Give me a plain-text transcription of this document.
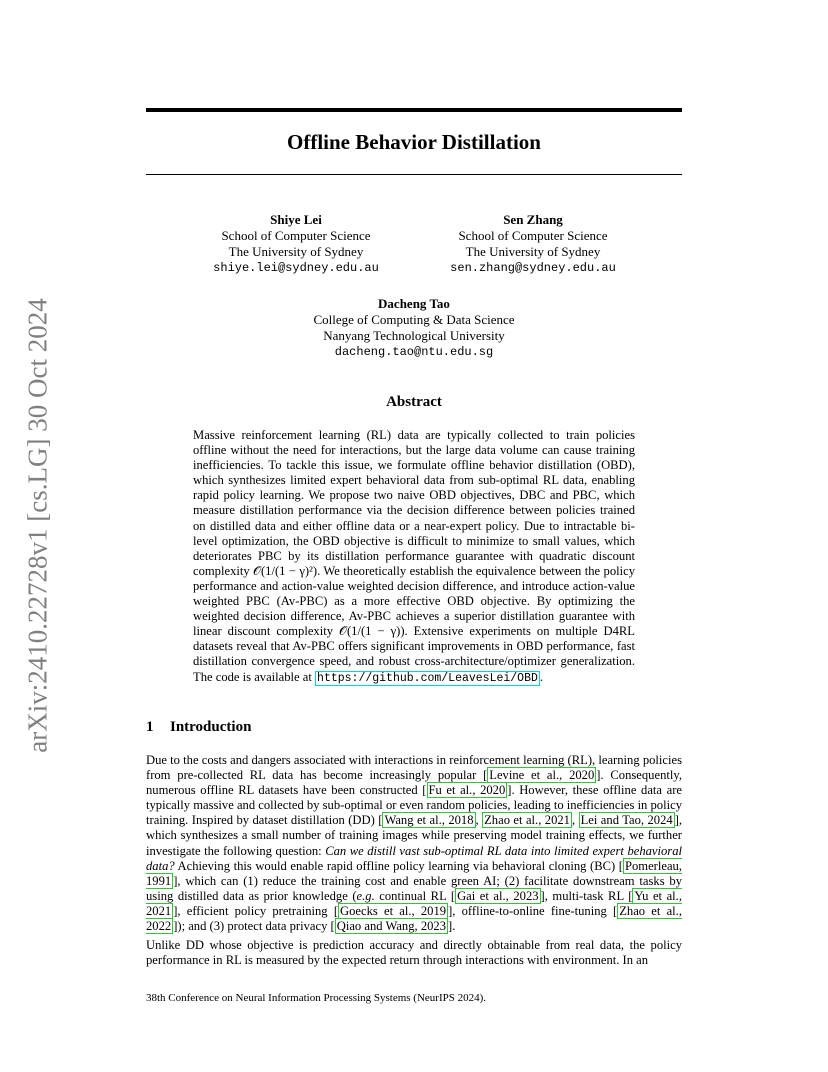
arXiv:2410.22728v1 [cs.LG] 30 Oct 2024
Offline Behavior Distillation
Shiye Lei
School of Computer Science
The University of Sydney
shiye.lei@sydney.edu.au
Sen Zhang
School of Computer Science
The University of Sydney
sen.zhang@sydney.edu.au
Dacheng Tao
College of Computing & Data Science
Nanyang Technological University
dacheng.tao@ntu.edu.sg
Abstract
Massive reinforcement learning (RL) data are typically collected to train policies offline without the need for interactions, but the large data volume can cause training inefficiencies. To tackle this issue, we formulate offline behavior distillation (OBD), which synthesizes limited expert behavioral data from sub-optimal RL data, enabling rapid policy learning. We propose two naive OBD objectives, DBC and PBC, which measure distillation performance via the decision difference between policies trained on distilled data and either offline data or a near-expert policy. Due to intractable bi-level optimization, the OBD objective is difficult to minimize to small values, which deteriorates PBC by its distillation performance guarantee with quadratic discount complexity 𝒪(1/(1 − γ)²). We theoretically establish the equivalence between the policy performance and action-value weighted decision difference, and introduce action-value weighted PBC (Av-PBC) as a more effective OBD objective. By optimizing the weighted decision difference, Av-PBC achieves a superior distillation guarantee with linear discount complexity 𝒪(1/(1 − γ)). Extensive experiments on multiple D4RL datasets reveal that Av-PBC offers significant improvements in OBD performance, fast distillation convergence speed, and robust cross-architecture/optimizer generalization. The code is available at https://github.com/LeavesLei/OBD .
1 Introduction
Due to the costs and dangers associated with interactions in reinforcement learning (RL), learning policies from pre-collected RL data has become increasingly popular [ Levine et al., 2020 ]. Consequently, numerous offline RL datasets have been constructed [ Fu et al., 2020 ]. However, these offline data are typically massive and collected by sub-optimal or even random policies, leading to inefficiencies in policy training. Inspired by dataset distillation (DD) [ Wang et al., 2018 , Zhao et al., 2021 , Lei and Tao, 2024 ], which synthesizes a small number of training images while preserving model training effects, we further investigate the following question: Can we distill vast sub-optimal RL data into limited expert behavioral data? Achieving this would enable rapid offline policy learning via behavioral cloning (BC) [ Pomerleau, 1991 ], which can (1) reduce the training cost and enable green AI; (2) facilitate downstream tasks by using distilled data as prior knowledge (e.g. continual RL [ Gai et al., 2023 ], multi-task RL [ Yu et al., 2021 ], efficient policy pretraining [ Goecks et al., 2019 ], offline-to-online fine-tuning [ Zhao et al., 2022 ]); and (3) protect data privacy [ Qiao and Wang, 2023 ].
Unlike DD whose objective is prediction accuracy and directly obtainable from real data, the policy performance in RL is measured by the expected return through interactions with environment. In an
38th Conference on Neural Information Processing Systems (NeurIPS 2024).
